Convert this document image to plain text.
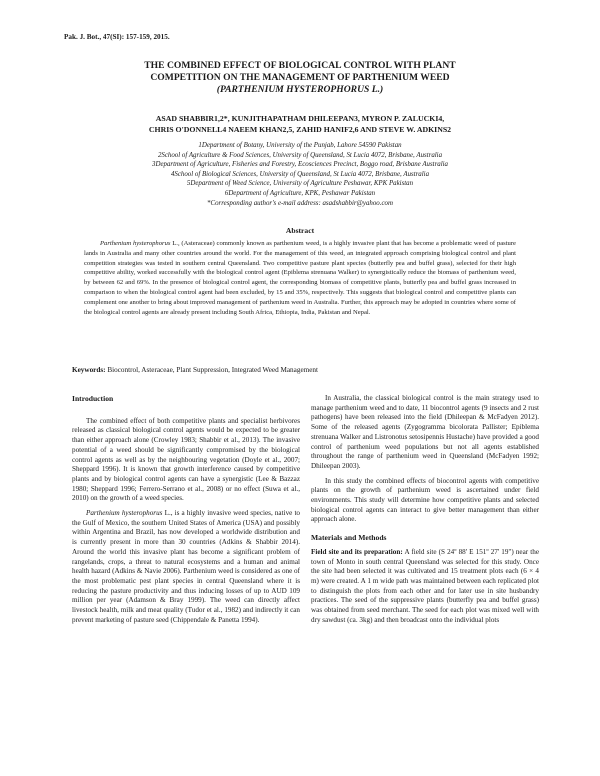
Pak. J. Bot., 47(SI): 157-159, 2015.
THE COMBINED EFFECT OF BIOLOGICAL CONTROL WITH PLANT
COMPETITION ON THE MANAGEMENT OF PARTHENIUM WEED
(PARTHENIUM HYSTEROPHORUS L.)
ASAD SHABBIR1,2*, KUNJITHAPATHAM DHILEEPAN3, MYRON P. ZALUCKI4,
CHRIS O'DONNELL4 NAEEM KHAN2,5, ZAHID HANIF2,6 AND STEVE W. ADKINS2
1Department of Botany, University of the Punjab, Lahore 54590 Pakistan
2School of Agriculture & Food Sciences, University of Queensland, St Lucia 4072, Brisbane, Australia
3Department of Agriculture, Fisheries and Forestry, Ecosciences Precinct, Boggo road, Brisbane Australia
4School of Biological Sciences, University of Queensland, St Lucia 4072, Brisbane, Australia
5Department of Weed Science, University of Agriculture Peshawar, KPK Pakistan
6Department of Agriculture, KPK, Peshawar Pakistan
*Corresponding author's e-mail address: asadshabbir@yahoo.com
Abstract
Parthenium hysterophorus L., (Asteraceae) commonly known as parthenium weed, is a highly invasive plant that has become a problematic weed of pasture lands in Australia and many other countries around the world. For the management of this weed, an integrated approach comprising biological control and plant competition strategies was tested in southern central Queensland. Two competitive pasture plant species (butterfly pea and buffel grass), selected for their high competitive ability, worked successfully with the biological control agent (Epiblema strenuana Walker) to synergistically reduce the biomass of parthenium weed, by between 62 and 69%. In the presence of biological control agent, the corresponding biomass of competitive plants, butterfly pea and buffel grass increased in comparison to when the biological control agent had been excluded, by 15 and 35%, respectively. This suggests that biological control and competitive plants can complement one another to bring about improved management of parthenium weed in Australia. Further, this approach may be adopted in countries where some of the biological control agents are already present including South Africa, Ethiopia, India, Pakistan and Nepal.
Keywords: Biocontrol, Asteraceae, Plant Suppression, Integrated Weed Management
Introduction

The combined effect of both competitive plants and specialist herbivores released as classical biological control agents would be expected to be greater than either approach alone (Crowley 1983; Shabbir et al., 2013). The invasive potential of a weed should be significantly compromised by the biological control agents as well as by the neighbouring vegetation (Doyle et al., 2007; Sheppard 1996). It is known that growth interference caused by competitive plants and by biological control agents can have a synergistic (Lee & Bazzaz 1980; Sheppard 1996; Ferrero-Serrano et al., 2008) or no effect (Suwa et al., 2010) on the growth of a weed species.

Parthenium hysterophorus L., is a highly invasive weed species, native to the Gulf of Mexico, the southern United States of America (USA) and possibly within Argentina and Brazil, has now developed a worldwide distribution and is currently present in more than 30 countries (Adkins & Shabbir 2014). Around the world this invasive plant has become a significant problem of rangelands, crops, a threat to natural ecosystems and a human and animal health hazard (Adkins & Navie 2006). Parthenium weed is considered as one of the most problematic pest plant species in central Queensland where it is reducing the pasture productivity and thus inducing losses of up to AUD 109 million per year (Adamson & Bray 1999). The weed can directly affect livestock health, milk and meat quality (Tudor et al., 1982) and indirectly it can prevent marketing of pasture seed (Chippendale & Panetta 1994).

In Australia, the classical biological control is the main strategy used to manage parthenium weed and to date, 11 biocontrol agents (9 insects and 2 rust pathogens) have been released into the field (Dhileepan & McFadyen 2012). Some of the released agents (Zygogramma bicolorata Pallister; Epiblema strenuana Walker and Listronotus setosipennis Hustache) have provided a good control of parthenium weed populations but not all agents established throughout the range of parthenium weed in Queensland (McFadyen 1992; Dhileepan 2003).

In this study the combined effects of biocontrol agents with competitive plants on the growth of parthenium weed is ascertained under field environments. This study will determine how competitive plants and selected biological control agents can interact to give better management than either approach alone.

Materials and Methods

Field site and its preparation: A field site (S 24º 88' E 151º 27' 19") near the town of Monto in south central Queensland was selected for this study. Once the site had been selected it was cultivated and 15 treatment plots each (6 × 4 m) were created. A 1 m wide path was maintained between each replicated plot to distinguish the plots from each other and for later use in site husbandry practices. The seed of the suppressive plants (butterfly pea and buffel grass) was obtained from seed merchant. The seed for each plot was mixed well with dry sawdust (ca. 3kg) and then broadcast onto the individual plots
